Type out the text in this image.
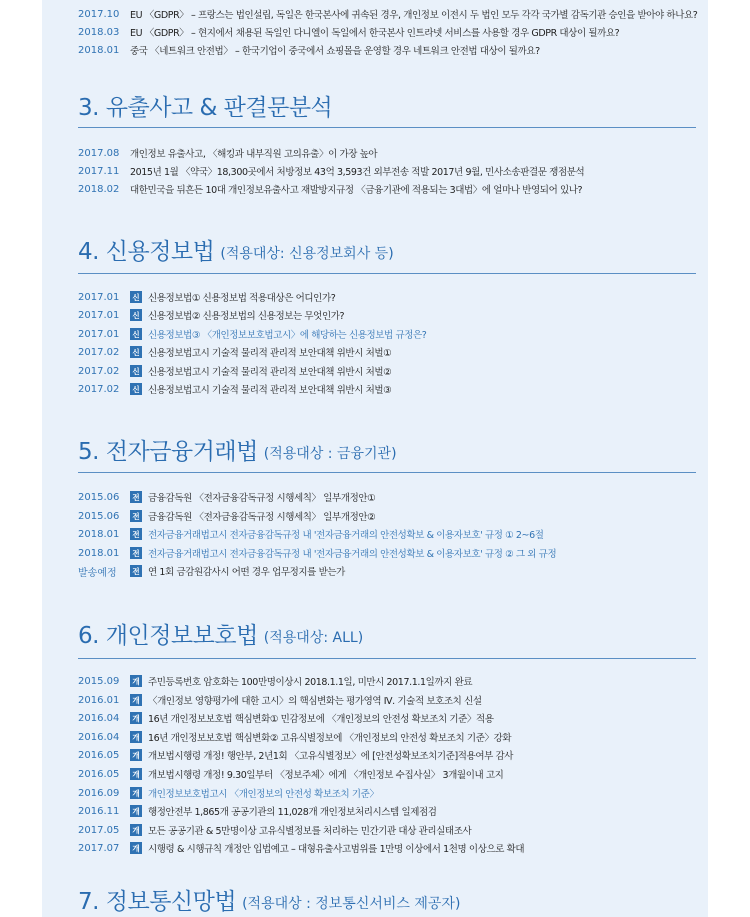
2017.10	EU 〈GDPR〉 – 프랑스는 법인설립, 독일은 한국본사에 귀속된 경우, 개인정보 이전시 두 법인 모두 각각 국가별 감독기관 승인을 받아야 하나요?
2018.03	EU 〈GDPR〉 – 현지에서 채용된 독일인 다니엘이 독일에서 한국본사 인트라넷 서비스를 사용할 경우 GDPR 대상이 될까요?
2018.01	중국 〈네트워크 안전법〉 – 한국기업이 중국에서 쇼핑몰을 운영할 경우 네트워크 안전법 대상이 될까요?
3. 유출사고 & 판결문분석
2017.08	개인정보 유출사고, 〈해킹과 내부직원 고의유출〉이 가장 높아
2017.11	2015년 1월 〈약국〉18,300곳에서 처방정보 43억 3,593건 외부전송 적발 2017년 9월, 민사소송판결문 쟁점분석
2018.02	대한민국을 뒤흔든 10대 개인정보유출사고 재발방지규정 〈금융기관에 적용되는 3대법〉에 얼마나 반영되어 있나?
4. 신용정보법 (적용대상: 신용정보회사 등)
2017.01	신 신용정보법① 신용정보법 적용대상은 어디인가?
2017.01	신 신용정보법② 신용정보법의 신용정보는 무엇인가?
2017.01	신 신용정보법③ 〈개인정보보호법고시〉에 해당하는 신용정보법 규정은?
2017.02	신 신용정보법고시 기술적 물리적 관리적 보안대책 위반시 처벌①
2017.02	신 신용정보법고시 기술적 물리적 관리적 보안대책 위반시 처벌②
2017.02	신 신용정보법고시 기술적 물리적 관리적 보안대책 위반시 처벌③
5. 전자금융거래법 (적용대상 : 금융기관)
2015.06	전 금융감독원 〈전자금융감독규정 시행세칙〉 일부개정안①
2015.06	전 금융감독원 〈전자금융감독규정 시행세칙〉 일부개정안②
2018.01	전 전자금융거래법고시 전자금융감독규정 내 '전자금융거래의 안전성확보 & 이용자보호' 규정 ① 2~6절
2018.01	전 전자금융거래법고시 전자금융감독규정 내 '전자금융거래의 안전성확보 & 이용자보호' 규정 ② 그 외 규정
발송예정	전 연 1회 금감원감사시 어떤 경우 업무정지를 받는가
6. 개인정보보호법 (적용대상: ALL)
2015.09	개 주민등록번호 암호화는 100만명이상시 2018.1.1일, 미만시 2017.1.1일까지 완료
2016.01	개 〈개인정보 영향평가에 대한 고시〉의 핵심변화는 평가영역 Ⅳ. 기술적 보호조치 신설
2016.04	개 16년 개인정보보호법 핵심변화① 민감정보에 〈개인정보의 안전성 확보조치 기준〉적용
2016.04	개 16년 개인정보보호법 핵심변화② 고유식별정보에 〈개인정보의 안전성 확보조치 기준〉강화
2016.05	개 개보법시행령 개정! 행안부, 2년1회 〈고유식별정보〉에 [안전성확보조치기준]적용여부 감사
2016.05	개 개보법시행령 개정! 9.30일부터 〈정보주체〉에게 〈개인정보 수집사실〉 3개월이내 고지
2016.09	개 개인정보보호법고시 〈개인정보의 안전성 확보조치 기준〉
2016.11	개 행정안전부 1,865개 공공기관의 11,028개 개인정보처리시스템 일제점검
2017.05	개 모든 공공기관 & 5만명이상 고유식별정보를 처리하는 민간기관 대상 관리실태조사
2017.07	개 시행령 & 시행규칙 개정안 입법예고 – 대형유출사고범위를 1만명 이상에서 1천명 이상으로 확대
7. 정보통신망법 (적용대상 : 정보통신서비스 제공자)
